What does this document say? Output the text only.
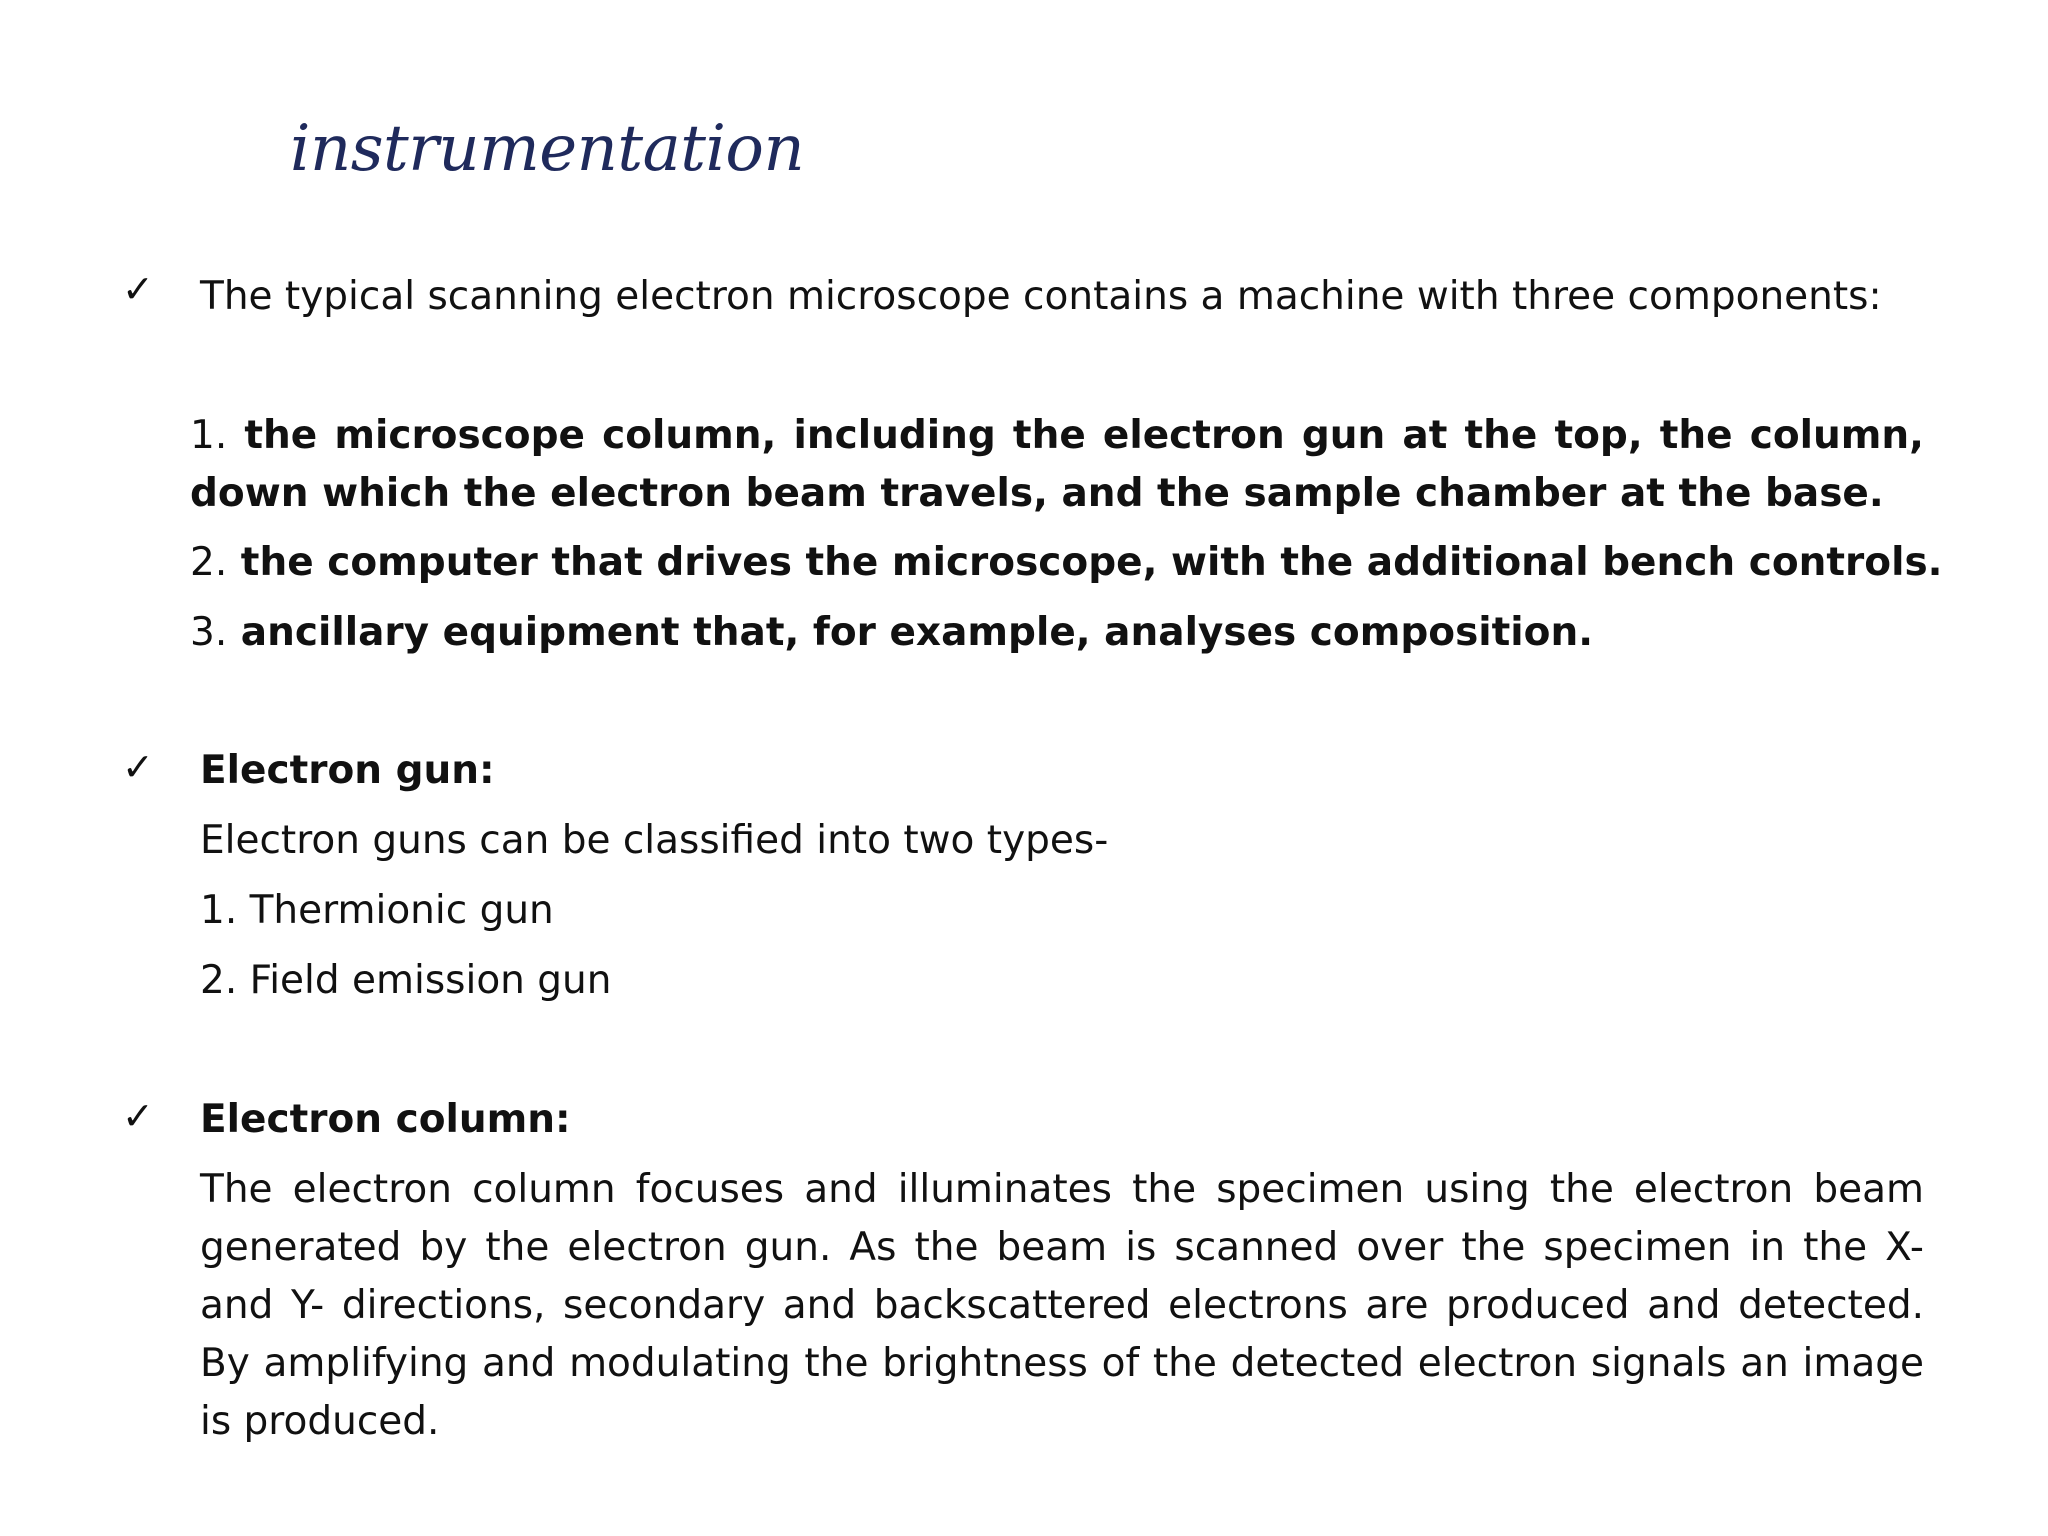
instrumentation
✓ The typical scanning electron microscope contains a machine with three components:
1. the microscope column, including the electron gun at the top, the column, down which the electron beam travels, and the sample chamber at the base.
2. the computer that drives the microscope, with the additional bench controls.
3. ancillary equipment that, for example, analyses composition.
✓ Electron gun:
Electron guns can be classified into two types-
1. Thermionic gun
2. Field emission gun
✓ Electron column:
The electron column focuses and illuminates the specimen using the electron beam generated by the electron gun. As the beam is scanned over the specimen in the X- and Y- directions, secondary and backscattered electrons are produced and detected. By amplifying and modulating the brightness of the detected electron signals an image is produced.
